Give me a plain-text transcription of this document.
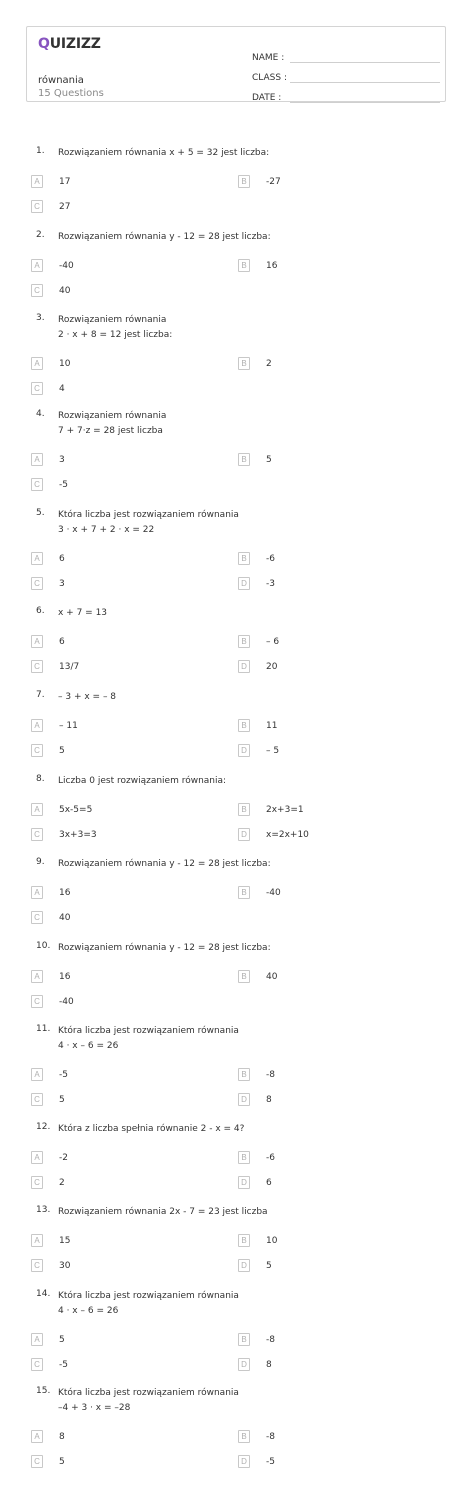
QUIZIZZ
równania
15 Questions
NAME :
CLASS :
DATE :
1.	Rozwiązaniem równania x + 5 = 32 jest liczba:
A	17	B	-27
C	27
2.	Rozwiązaniem równania y - 12 = 28 jest liczba:
A	-40	B	16
C	40
3.	Rozwiązaniem równania
2 ⋅ x + 8 = 12 jest liczba:
A	10	B	2
C	4
4.	Rozwiązaniem równania
7 + 7⋅z = 28 jest liczba
A	3	B	5
C	-5
5.	Która liczba jest rozwiązaniem równania
3 ⋅ x + 7 + 2 ⋅ x = 22
A	6	B	-6
C	3	D	-3
6.	x + 7 = 13
A	6	B	– 6
C	13/7	D	20
7.	– 3 + x = – 8
A	– 11	B	11
C	5	D	– 5
8.	Liczba 0 jest rozwiązaniem równania:
A	5x-5=5	B	2x+3=1
C	3x+3=3	D	x=2x+10
9.	Rozwiązaniem równania y - 12 = 28 jest liczba:
A	16	B	-40
C	40
10. Rozwiązaniem równania y - 12 = 28 jest liczba:
A	16	B	40
C	-40
11. Która liczba jest rozwiązaniem równania
4 ⋅ x – 6 = 26
A	-5	B	-8
C	5	D	8
12. Która z liczba spełnia równanie 2 - x = 4?
A	-2	B	-6
C	2	D	6
13. Rozwiązaniem równania 2x - 7 = 23 jest liczba
A	15	B	10
C	30	D	5
14. Która liczba jest rozwiązaniem równania
4 ⋅ x – 6 = 26
A	5	B	-8
C	-5	D	8
15. Która liczba jest rozwiązaniem równania
–4 + 3 ⋅ x = –28
A	8	B	-8
C	5	D	-5
